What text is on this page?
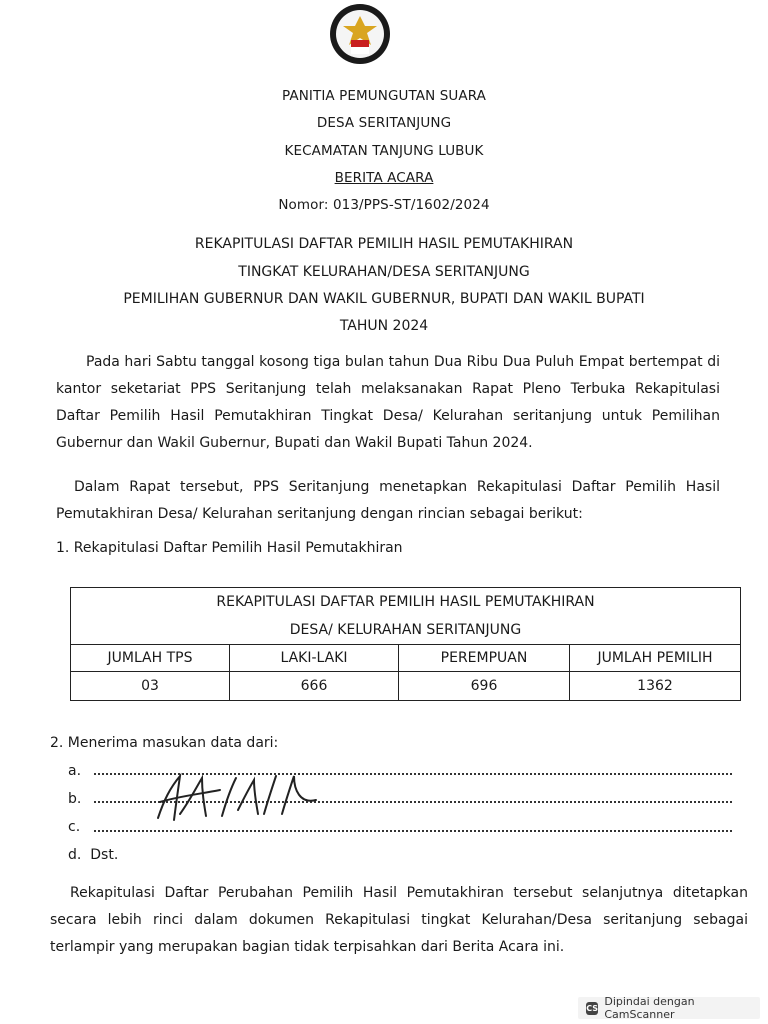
PANITIA PEMUNGUTAN SUARA
DESA SERITANJUNG
KECAMATAN TANJUNG LUBUK
BERITA ACARA
Nomor: 013/PPS-ST/1602/2024
REKAPITULASI DAFTAR PEMILIH HASIL PEMUTAKHIRAN
TINGKAT KELURAHAN/DESA SERITANJUNG
PEMILIHAN GUBERNUR DAN WAKIL GUBERNUR, BUPATI DAN WAKIL BUPATI
TAHUN 2024
Pada hari Sabtu tanggal kosong tiga bulan tahun Dua Ribu Dua Puluh Empat bertempat di kantor seketariat PPS Seritanjung telah melaksanakan Rapat Pleno Terbuka Rekapitulasi Daftar Pemilih Hasil Pemutakhiran Tingkat Desa/ Kelurahan seritanjung untuk Pemilihan Gubernur dan Wakil Gubernur, Bupati dan Wakil Bupati Tahun 2024.
Dalam Rapat tersebut, PPS Seritanjung menetapkan Rekapitulasi Daftar Pemilih Hasil Pemutakhiran Desa/ Kelurahan seritanjung dengan rincian sebagai berikut:
1. Rekapitulasi Daftar Pemilih Hasil Pemutakhiran
REKAPITULASI DAFTAR PEMILIH HASIL PEMUTAKHIRAN			
DESA/ KELURAHAN SERITANJUNG			
JUMLAH TPS	LAKI-LAKI	PEREMPUAN	JUMLAH PEMILIH
03	666	696	1362
2. Menerima masukan data dari:
a.
b.
c.
d. Dst.
Rekapitulasi Daftar Perubahan Pemilih Hasil Pemutakhiran tersebut selanjutnya ditetapkan secara lebih rinci dalam dokumen Rekapitulasi tingkat Kelurahan/Desa seritanjung sebagai terlampir yang merupakan bagian tidak terpisahkan dari Berita Acara ini.
CS Dipindai dengan CamScanner
